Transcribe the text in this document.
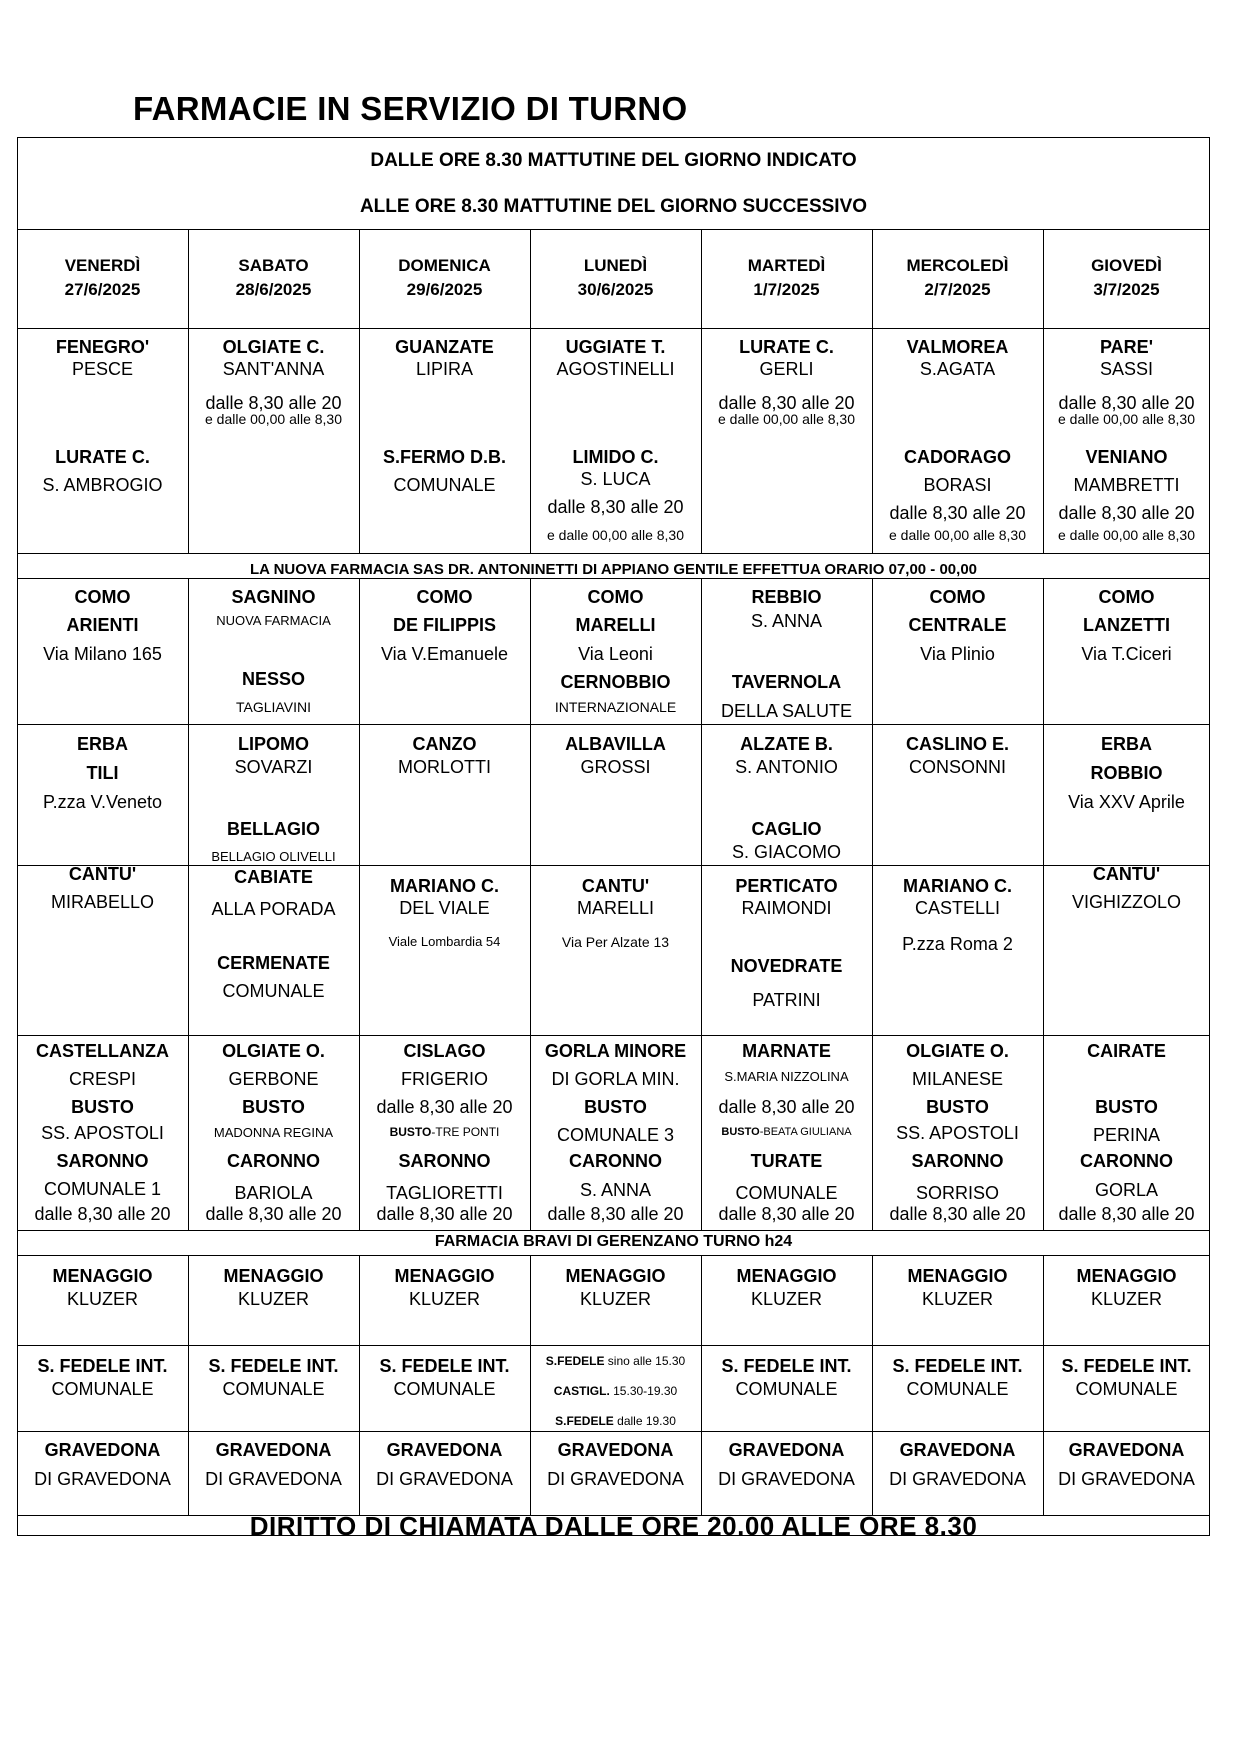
FARMACIE IN SERVIZIO DI TURNO
DALLE ORE 8.30 MATTUTINE DEL GIORNO INDICATO
ALLE ORE 8.30 MATTUTINE DEL GIORNO SUCCESSIVO
LA NUOVA FARMACIA SAS DR. ANTONINETTI DI APPIANO GENTILE EFFETTUA ORARIO 07,00 - 00,00
FARMACIA BRAVI DI GERENZANO TURNO h24
DIRITTO DI CHIAMATA DALLE ORE 20.00 ALLE ORE 8.30
VENERDÌ
27/6/2025
SABATO
28/6/2025
DOMENICA
29/6/2025
LUNEDÌ
30/6/2025
MARTEDÌ
1/7/2025
MERCOLEDÌ
2/7/2025
GIOVEDÌ
3/7/2025
FENEGRO'
PESCE
LURATE C.
S. AMBROGIO
OLGIATE C.
SANT'ANNA
dalle 8,30 alle 20
e dalle 00,00 alle 8,30
GUANZATE
LIPIRA
S.FERMO D.B.
COMUNALE
UGGIATE T.
AGOSTINELLI
LIMIDO C.
S. LUCA
dalle 8,30 alle 20
e dalle 00,00 alle 8,30
LURATE C.
GERLI
dalle 8,30 alle 20
e dalle 00,00 alle 8,30
VALMOREA
S.AGATA
CADORAGO
BORASI
dalle 8,30 alle 20
e dalle 00,00 alle 8,30
PARE'
SASSI
dalle 8,30 alle 20
e dalle 00,00 alle 8,30
VENIANO
MAMBRETTI
dalle 8,30 alle 20
e dalle 00,00 alle 8,30
COMO
ARIENTI
Via Milano 165
SAGNINO
NUOVA FARMACIA
NESSO
TAGLIAVINI
COMO
DE FILIPPIS
Via V.Emanuele
COMO
MARELLI
Via Leoni
CERNOBBIO
INTERNAZIONALE
REBBIO
S. ANNA
TAVERNOLA
DELLA SALUTE
COMO
CENTRALE
Via Plinio
COMO
LANZETTI
Via T.Ciceri
ERBA
TILI
P.zza V.Veneto
LIPOMO
SOVARZI
BELLAGIO
BELLAGIO OLIVELLI
CANZO
MORLOTTI
ALBAVILLA
GROSSI
ALZATE B.
S. ANTONIO
CAGLIO
S. GIACOMO
CASLINO E.
CONSONNI
ERBA
ROBBIO
Via XXV Aprile
CANTU'
MIRABELLO
CABIATE
ALLA PORADA
CERMENATE
COMUNALE
MARIANO C.
DEL VIALE
Viale Lombardia 54
CANTU'
MARELLI
Via Per Alzate 13
PERTICATO
RAIMONDI
NOVEDRATE
PATRINI
MARIANO C.
CASTELLI
P.zza Roma 2
CANTU'
VIGHIZZOLO
CASTELLANZA
CRESPI
BUSTO
SS. APOSTOLI
SARONNO
COMUNALE 1
dalle 8,30 alle 20
OLGIATE O.
GERBONE
BUSTO
MADONNA REGINA
CARONNO
BARIOLA
dalle 8,30 alle 20
CISLAGO
FRIGERIO
dalle 8,30 alle 20
BUSTO-TRE PONTI
SARONNO
TAGLIORETTI
dalle 8,30 alle 20
GORLA MINORE
DI GORLA MIN.
BUSTO
COMUNALE 3
CARONNO
S. ANNA
dalle 8,30 alle 20
MARNATE
S.MARIA NIZZOLINA
dalle 8,30 alle 20
BUSTO-BEATA GIULIANA
TURATE
COMUNALE
dalle 8,30 alle 20
OLGIATE O.
MILANESE
BUSTO
SS. APOSTOLI
SARONNO
SORRISO
dalle 8,30 alle 20
CAIRATE
BUSTO
PERINA
CARONNO
GORLA
dalle 8,30 alle 20
MENAGGIO
KLUZER
MENAGGIO
KLUZER
MENAGGIO
KLUZER
MENAGGIO
KLUZER
MENAGGIO
KLUZER
MENAGGIO
KLUZER
MENAGGIO
KLUZER
S. FEDELE INT.
COMUNALE
S. FEDELE INT.
COMUNALE
S. FEDELE INT.
COMUNALE
S.FEDELE sino alle 15.30
CASTIGL. 15.30-19.30
S.FEDELE dalle 19.30
S. FEDELE INT.
COMUNALE
S. FEDELE INT.
COMUNALE
S. FEDELE INT.
COMUNALE
GRAVEDONA
DI GRAVEDONA
GRAVEDONA
DI GRAVEDONA
GRAVEDONA
DI GRAVEDONA
GRAVEDONA
DI GRAVEDONA
GRAVEDONA
DI GRAVEDONA
GRAVEDONA
DI GRAVEDONA
GRAVEDONA
DI GRAVEDONA
